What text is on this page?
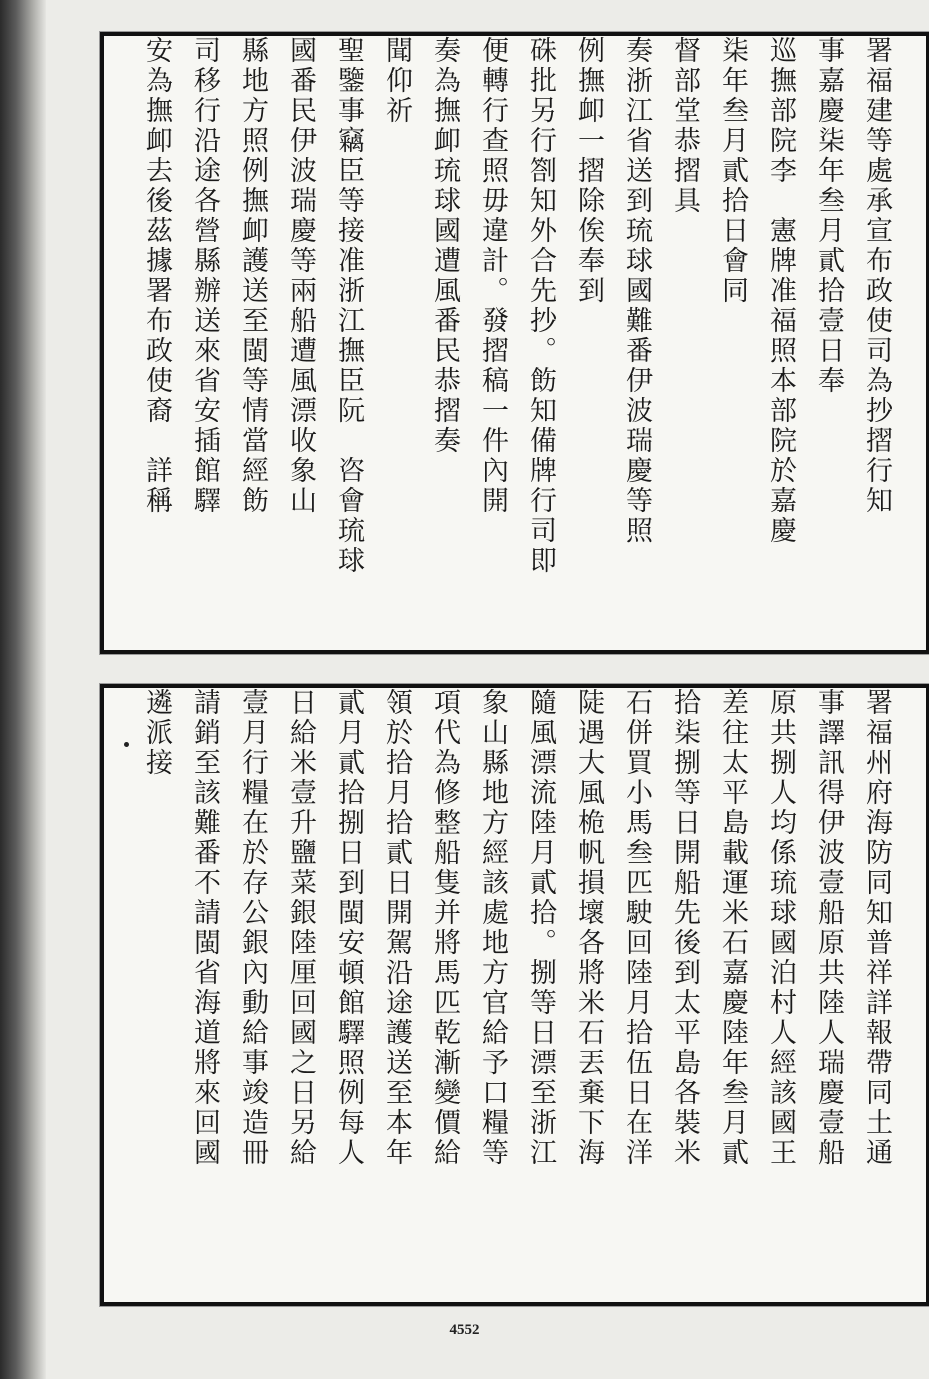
署福建等處承宣布政使司為抄摺行知
事嘉慶柒年叁月貳拾壹日奉
巡撫部院李　憲牌准福照本部院於嘉慶
柒年叁月貳拾日會同
督部堂恭摺具
奏浙江省送到琉球國難番伊波瑞慶等照
例撫卹一摺除俟奉到
硃批另行劄知外合先抄。飭知備牌行司即
便轉行查照毋違計。發摺稿一件內開
奏為撫卹琉球國遭風番民恭摺奏
聞仰祈
聖鑒事竊臣等接准浙江撫臣阮　咨會琉球
國番民伊波瑞慶等兩船遭風漂收象山
縣地方照例撫卹護送至閩等情當經飭
司移行沿途各營縣辦送來省安插館驛
安為撫卹去後茲據署布政使裔　詳稱
署福州府海防同知普祥詳報帶同土通
事譯訊得伊波壹船原共陸人瑞慶壹船
原共捌人均係琉球國泊村人經該國王
差往太平島載運米石嘉慶陸年叁月貳
拾柒捌等日開船先後到太平島各裝米
石併買小馬叁匹駛回陸月拾伍日在洋
陡遇大風桅帆損壞各將米石丟棄下海
隨風漂流陸月貳拾。捌等日漂至浙江
象山縣地方經該處地方官給予口糧等
項代為修整船隻并將馬匹乾漸變價給
領於拾月拾貳日開駕沿途護送至本年
貳月貳拾捌日到閩安頓館驛照例每人
日給米壹升鹽菜銀陸厘回國之日另給
壹月行糧在於存公銀內動給事竣造冊
請銷至該難番不請閩省海道將來回國
遴派接
4552
